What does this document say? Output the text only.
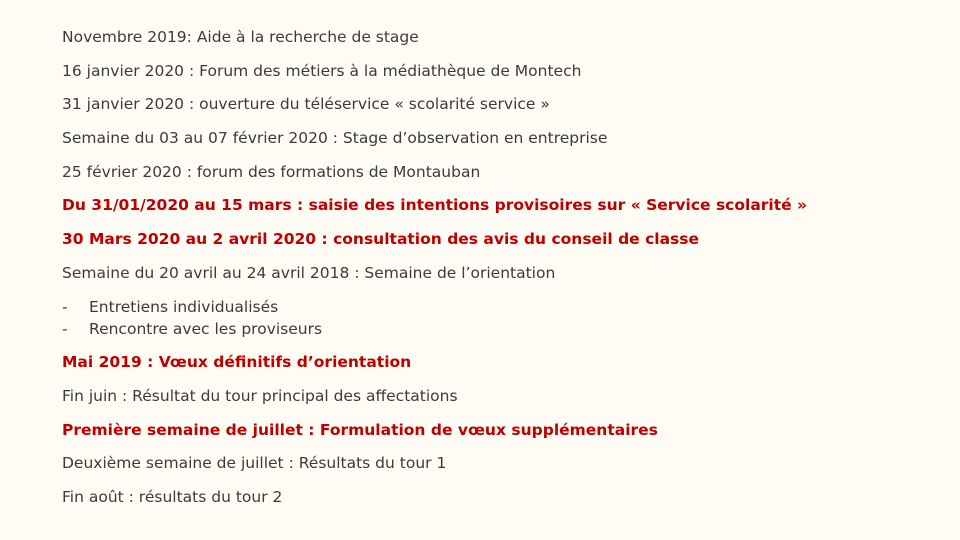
Novembre 2019: Aide à la recherche de stage
16 janvier 2020 : Forum des métiers à la médiathèque de Montech
31 janvier 2020 : ouverture du téléservice « scolarité service »
Semaine du 03 au 07 février 2020 : Stage d’observation en entreprise
25 février 2020 : forum des formations de Montauban
Du 31/01/2020 au 15 mars : saisie des intentions provisoires sur « Service scolarité »
30 Mars 2020 au 2 avril 2020 : consultation des avis du conseil de classe
Semaine du 20 avril au 24 avril 2018 : Semaine de l’orientation
-	Entretiens individualisés
-	Rencontre avec les proviseurs
Mai 2019 : Vœux définitifs d’orientation
Fin juin : Résultat du tour principal des affectations
Première semaine de juillet : Formulation de vœux supplémentaires
Deuxième semaine de juillet : Résultats du tour 1
Fin août : résultats du tour 2
